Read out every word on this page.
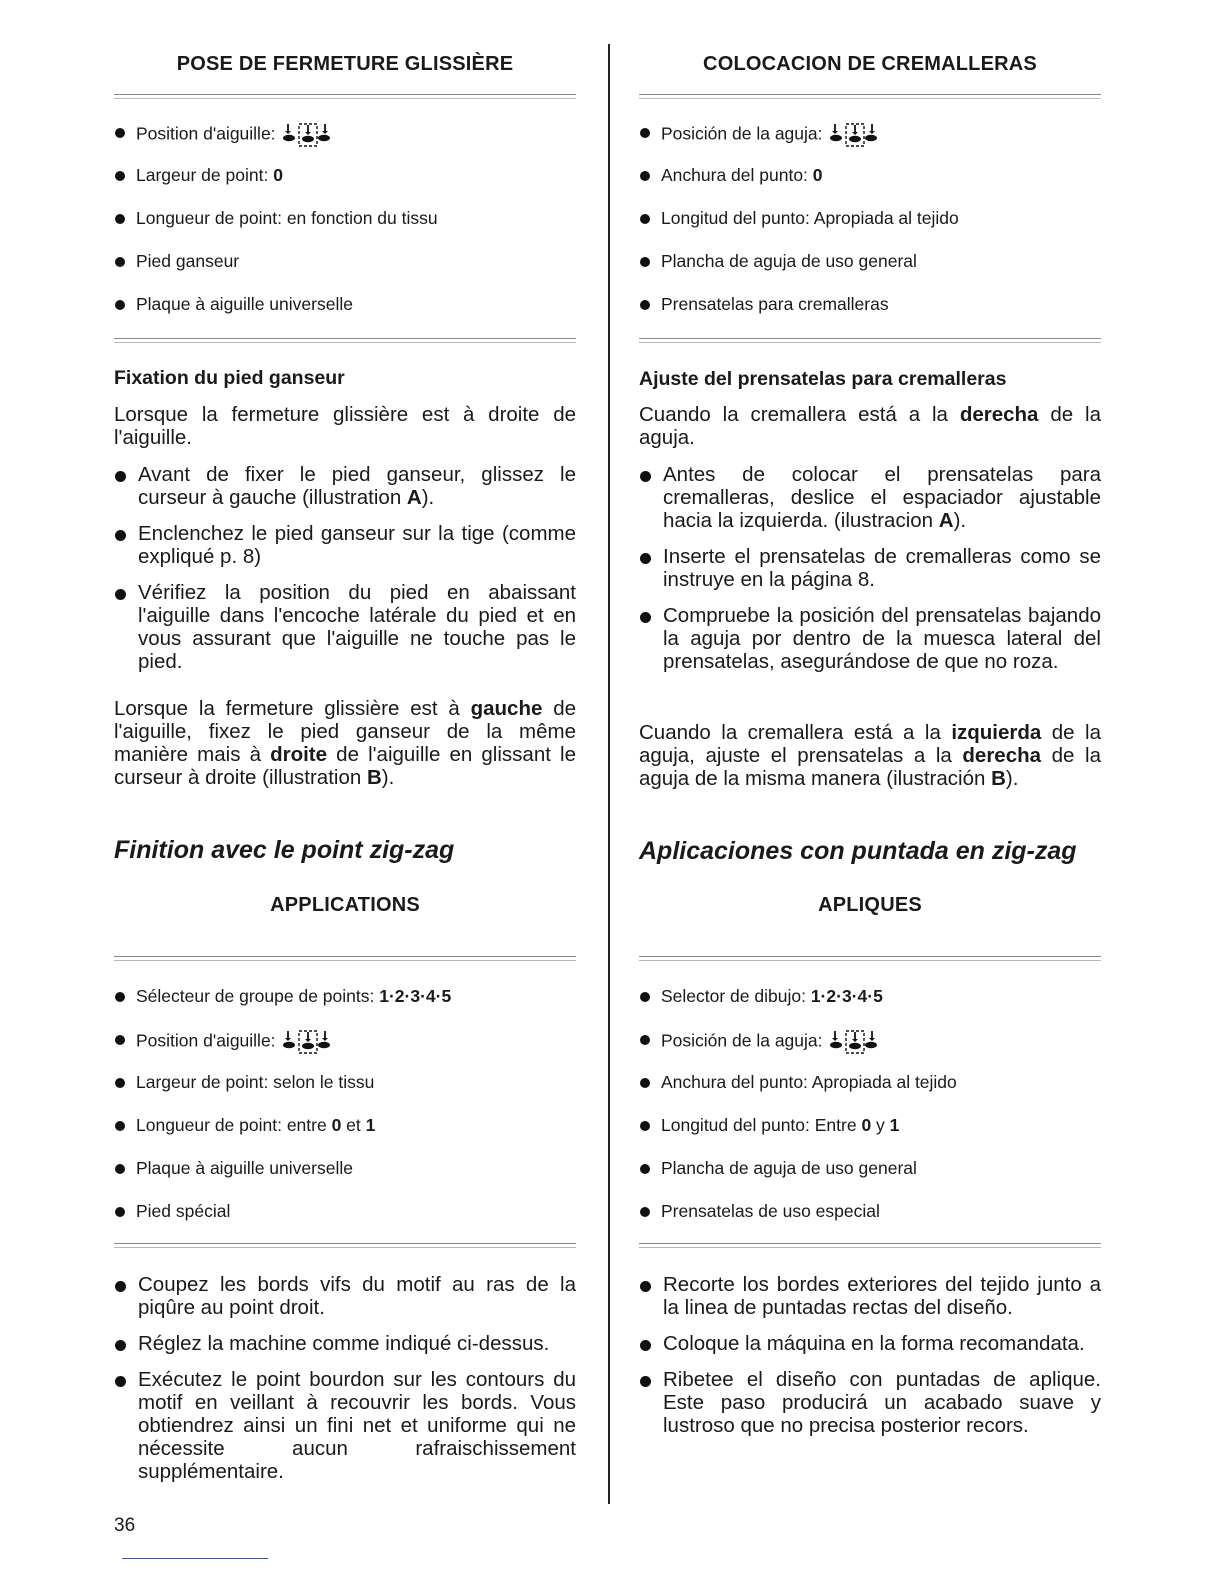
POSE DE FERMETURE GLISSIÈRE
Position d'aiguille:
Largeur de point: 0
Longueur de point: en fonction du tissu
Pied ganseur
Plaque à aiguille universelle
Fixation du pied ganseur

Lorsque la fermeture glissière est à droite de l'aiguille.

Avant de fixer le pied ganseur, glissez le curseur à gauche (illustration A).
Enclenchez le pied ganseur sur la tige (comme expliqué p. 8)
Vérifiez la position du pied en abaissant l'aiguille dans l'encoche latérale du pied et en vous assurant que l'aiguille ne touche pas le pied.

Lorsque la fermeture glissière est à gauche de l'aiguille, fixez le pied ganseur de la même manière mais à droite de l'aiguille en glissant le curseur à droite (illustration B).

Finition avec le point zig-zag
APPLICATIONS
Sélecteur de groupe de points: 1·2·3·4·5
Position d'aiguille:
Largeur de point: selon le tissu
Longueur de point: entre 0 et 1
Plaque à aiguille universelle
Pied spécial
Coupez les bords vifs du motif au ras de la piqûre au point droit.
Réglez la machine comme indiqué ci-dessus.
Exécutez le point bourdon sur les contours du motif en veillant à recouvrir les bords. Vous obtiendrez ainsi un fini net et uniforme qui ne nécessite aucun rafraischissement supplémentaire.
COLOCACION DE CREMALLERAS
Posición de la aguja:
Anchura del punto: 0
Longitud del punto: Apropiada al tejido
Plancha de aguja de uso general
Prensatelas para cremalleras
Ajuste del prensatelas para cremalleras

Cuando la cremallera está a la derecha de la aguja.

Antes de colocar el prensatelas para cremalleras, deslice el espaciador ajustable hacia la izquierda. (ilustracion A).
Inserte el prensatelas de cremalleras como se instruye en la página 8.
Compruebe la posición del prensatelas bajando la aguja por dentro de la muesca lateral del prensatelas, asegurándose de que no roza.

Cuando la cremallera está a la izquierda de la aguja, ajuste el prensatelas a la derecha de la aguja de la misma manera (ilustración B).

Aplicaciones con puntada en zig-zag
APLIQUES
Selector de dibujo: 1·2·3·4·5
Posición de la aguja:
Anchura del punto: Apropiada al tejido
Longitud del punto: Entre 0 y 1
Plancha de aguja de uso general
Prensatelas de uso especial
Recorte los bordes exteriores del tejido junto a la linea de puntadas rectas del diseño.
Coloque la máquina en la forma recomandata.
Ribetee el diseño con puntadas de aplique. Este paso producirá un acabado suave y lustroso que no precisa posterior recors.
36
